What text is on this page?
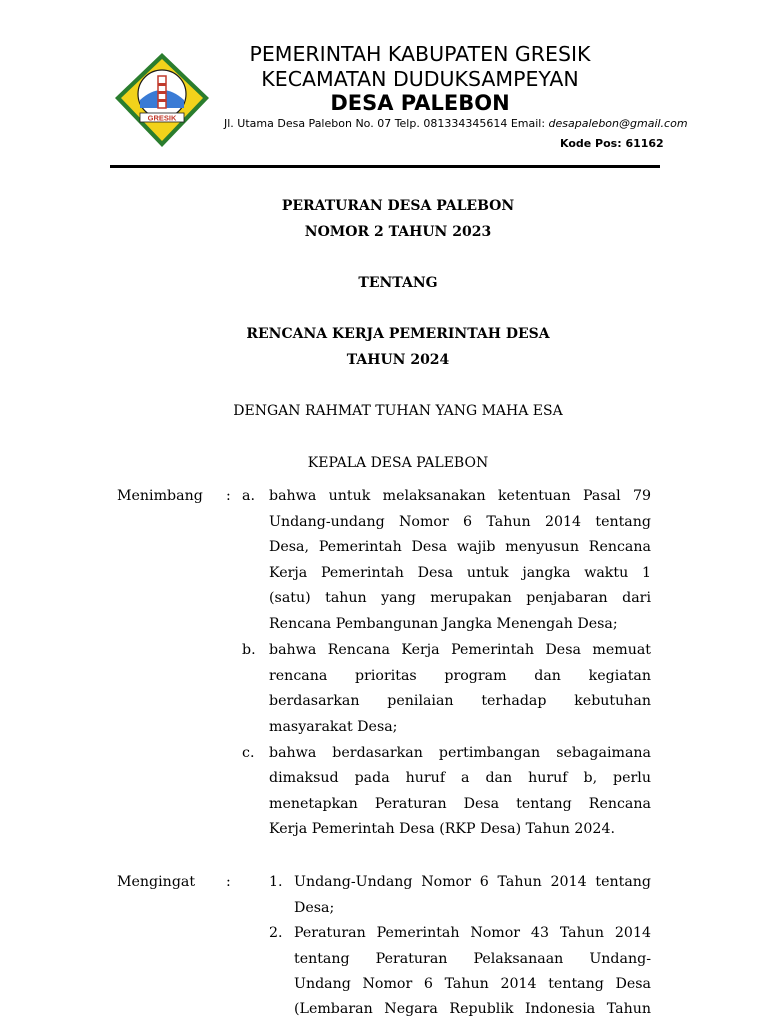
GRESIK
PEMERINTAH KABUPATEN GRESIK
KECAMATAN DUDUKSAMPEYAN
DESA PALEBON
Jl. Utama Desa Palebon No. 07 Telp. 081334345614 Email: desapalebon@gmail.com
Kode Pos: 61162
PERATURAN DESA PALEBON
NOMOR 2 TAHUN 2023
TENTANG
RENCANA KERJA PEMERINTAH DESA
TAHUN 2024
DENGAN RAHMAT TUHAN YANG MAHA ESA
KEPALA DESA PALEBON
Menimbang : a. bahwa untuk melaksanakan ketentuan Pasal 79
Undang-undang Nomor 6 Tahun 2014 tentang
Desa, Pemerintah Desa wajib menyusun Rencana
Kerja Pemerintah Desa untuk jangka waktu 1
(satu) tahun yang merupakan penjabaran dari
Rencana Pembangunan Jangka Menengah Desa;
b. bahwa Rencana Kerja Pemerintah Desa memuat
rencana prioritas program dan kegiatan
berdasarkan penilaian terhadap kebutuhan
masyarakat Desa;
c. bahwa berdasarkan pertimbangan sebagaimana
dimaksud pada huruf a dan huruf b, perlu
menetapkan Peraturan Desa tentang Rencana
Kerja Pemerintah Desa (RKP Desa) Tahun 2024.
Mengingat :	1. Undang-Undang Nomor 6 Tahun 2014 tentang
Desa;
2. Peraturan Pemerintah Nomor 43 Tahun 2014
tentang Peraturan Pelaksanaan Undang-
Undang Nomor 6 Tahun 2014 tentang Desa
(Lembaran Negara Republik Indonesia Tahun
